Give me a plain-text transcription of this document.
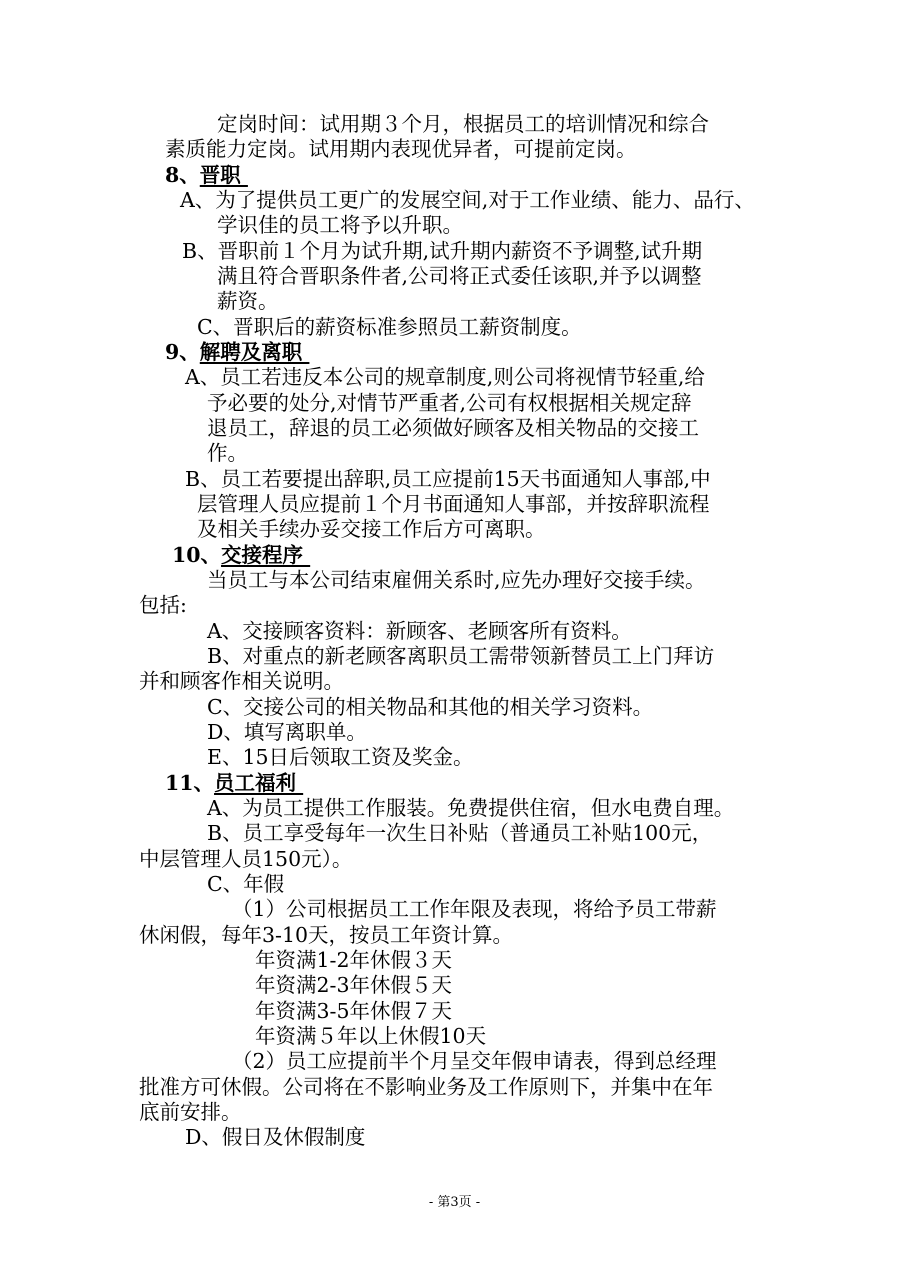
定岗时间：试用期３个月，根据员工的培训情况和综合
素质能力定岗。试用期内表现优异者，可提前定岗。
8、晋职
A、为了提供员工更广的发展空间,对于工作业绩、能力、品行、
学识佳的员工将予以升职。
B、晋职前１个月为试升期,试升期内薪资不予调整,试升期
满且符合晋职条件者,公司将正式委任该职,并予以调整
薪资。
C、晋职后的薪资标准参照员工薪资制度。
9、解聘及离职
A、员工若违反本公司的规章制度,则公司将视情节轻重,给
予必要的处分,对情节严重者,公司有权根据相关规定辞
退员工，辞退的员工必须做好顾客及相关物品的交接工
作。
B、员工若要提出辞职,员工应提前15天书面通知人事部,中
层管理人员应提前１个月书面通知人事部，并按辞职流程
及相关手续办妥交接工作后方可离职。
10、交接程序
当员工与本公司结束雇佣关系时,应先办理好交接手续。
包括:
A、交接顾客资料：新顾客、老顾客所有资料。
B、对重点的新老顾客离职员工需带领新替员工上门拜访
并和顾客作相关说明。
C、交接公司的相关物品和其他的相关学习资料。
D、填写离职单。
E、15日后领取工资及奖金。
11、员工福利
A、为员工提供工作服装。免费提供住宿，但水电费自理。
B、员工享受每年一次生日补贴（普通员工补贴100元，
中层管理人员150元）。
C、年假
（1）公司根据员工工作年限及表现，将给予员工带薪
休闲假，每年3-10天，按员工年资计算。
年资满1-2年休假３天
年资满2-3年休假５天
年资满3-5年休假７天
年资满５年以上休假10天
（2）员工应提前半个月呈交年假申请表，得到总经理
批准方可休假。公司将在不影响业务及工作原则下，并集中在年
底前安排。
D、假日及休假制度
- 第3页 -
